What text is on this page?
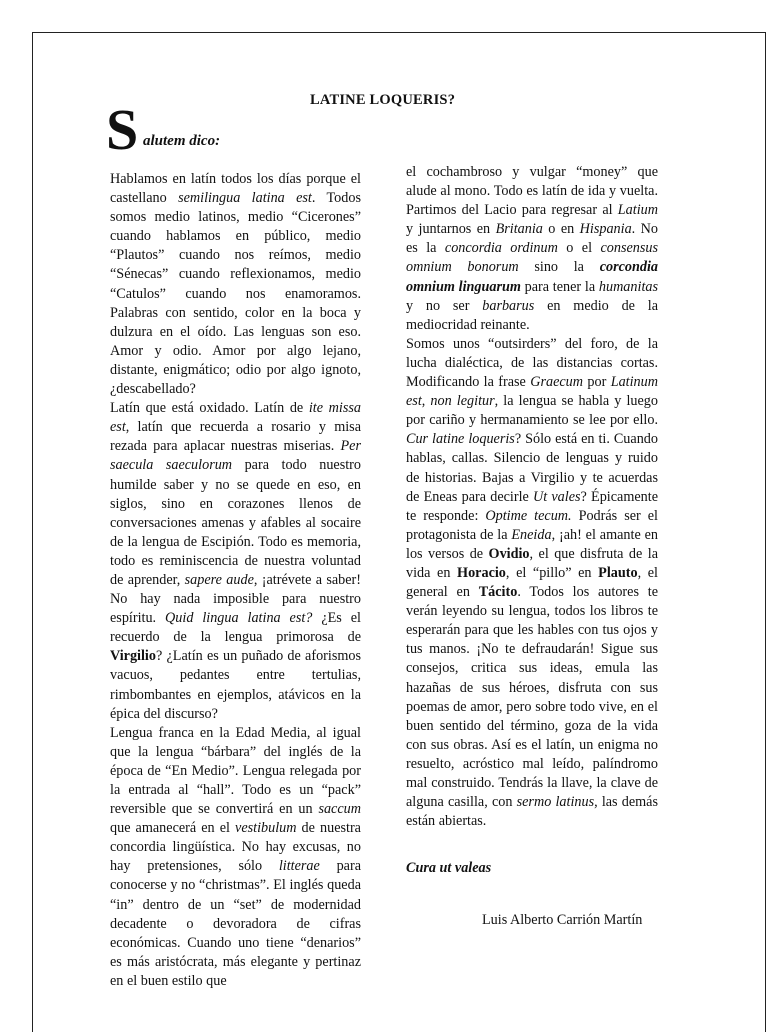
LATINE LOQUERIS?
S alutem dico:

Hablamos en latín todos los días porque el castellano semilingua latina est. Todos somos medio latinos, medio “Cicerones” cuando hablamos en público, medio “Plautos” cuando nos reímos, medio “Sénecas” cuando reflexionamos, medio “Catulos” cuando nos enamoramos. Palabras con sentido, color en la boca y dulzura en el oído. Las lenguas son eso. Amor y odio. Amor por algo lejano, distante, enigmático; odio por algo ignoto, ¿descabellado?

Latín que está oxidado. Latín de ite missa est, latín que recuerda a rosario y misa rezada para aplacar nuestras miserias. Per saecula saeculorum para todo nuestro humilde saber y no se quede en eso, en siglos, sino en corazones llenos de conversaciones amenas y afables al socaire de la lengua de Escipión. Todo es memoria, todo es reminiscencia de nuestra voluntad de aprender, sapere aude, ¡atrévete a saber! No hay nada imposible para nuestro espíritu. Quid lingua latina est? ¿Es el recuerdo de la lengua primorosa de Virgilio? ¿Latín es un puñado de aforismos vacuos, pedantes entre tertulias, rimbombantes en ejemplos, atávicos en la épica del discurso?

Lengua franca en la Edad Media, al igual que la lengua “bárbara” del inglés de la época de “En Medio”. Lengua relegada por la entrada al “hall”. Todo es un “pack” reversible que se convertirá en un saccum que amanecerá en el vestibulum de nuestra concordia lingüística. No hay excusas, no hay pretensiones, sólo litterae para conocerse y no “christmas”. El inglés queda “in” dentro de un “set” de modernidad decadente o devoradora de cifras económicas. Cuando uno tiene “denarios” es más aristócrata, más elegante y pertinaz en el buen estilo que

el cochambroso y vulgar “money” que alude al mono. Todo es latín de ida y vuelta. Partimos del Lacio para regresar al Latium y juntarnos en Britania o en Hispania. No es la concordia ordinum o el consensus omnium bonorum sino la corcondia omnium linguarum para tener la humanitas y no ser barbarus en medio de la mediocridad reinante.

Somos unos “outsirders” del foro, de la lucha dialéctica, de las distancias cortas. Modificando la frase Graecum por Latinum est, non legitur, la lengua se habla y luego por cariño y hermanamiento se lee por ello. Cur latine loqueris? Sólo está en ti. Cuando hablas, callas. Silencio de lenguas y ruido de historias. Bajas a Virgilio y te acuerdas de Eneas para decirle Ut vales? Épicamente te responde: Optime tecum. Podrás ser el protagonista de la Eneida, ¡ah! el amante en los versos de Ovidio, el que disfruta de la vida en Horacio, el “pillo” en Plauto, el general en Tácito. Todos los autores te verán leyendo su lengua, todos los libros te esperarán para que les hables con tus ojos y tus manos. ¡No te defraudarán! Sigue sus consejos, critica sus ideas, emula las hazañas de sus héroes, disfruta con sus poemas de amor, pero sobre todo vive, en el buen sentido del término, goza de la vida con sus obras. Así es el latín, un enigma no resuelto, acróstico mal leído, palíndromo mal construido. Tendrás la llave, la clave de alguna casilla, con sermo latinus, las demás están abiertas.

Cura ut valeas

Luis Alberto Carrión Martín
